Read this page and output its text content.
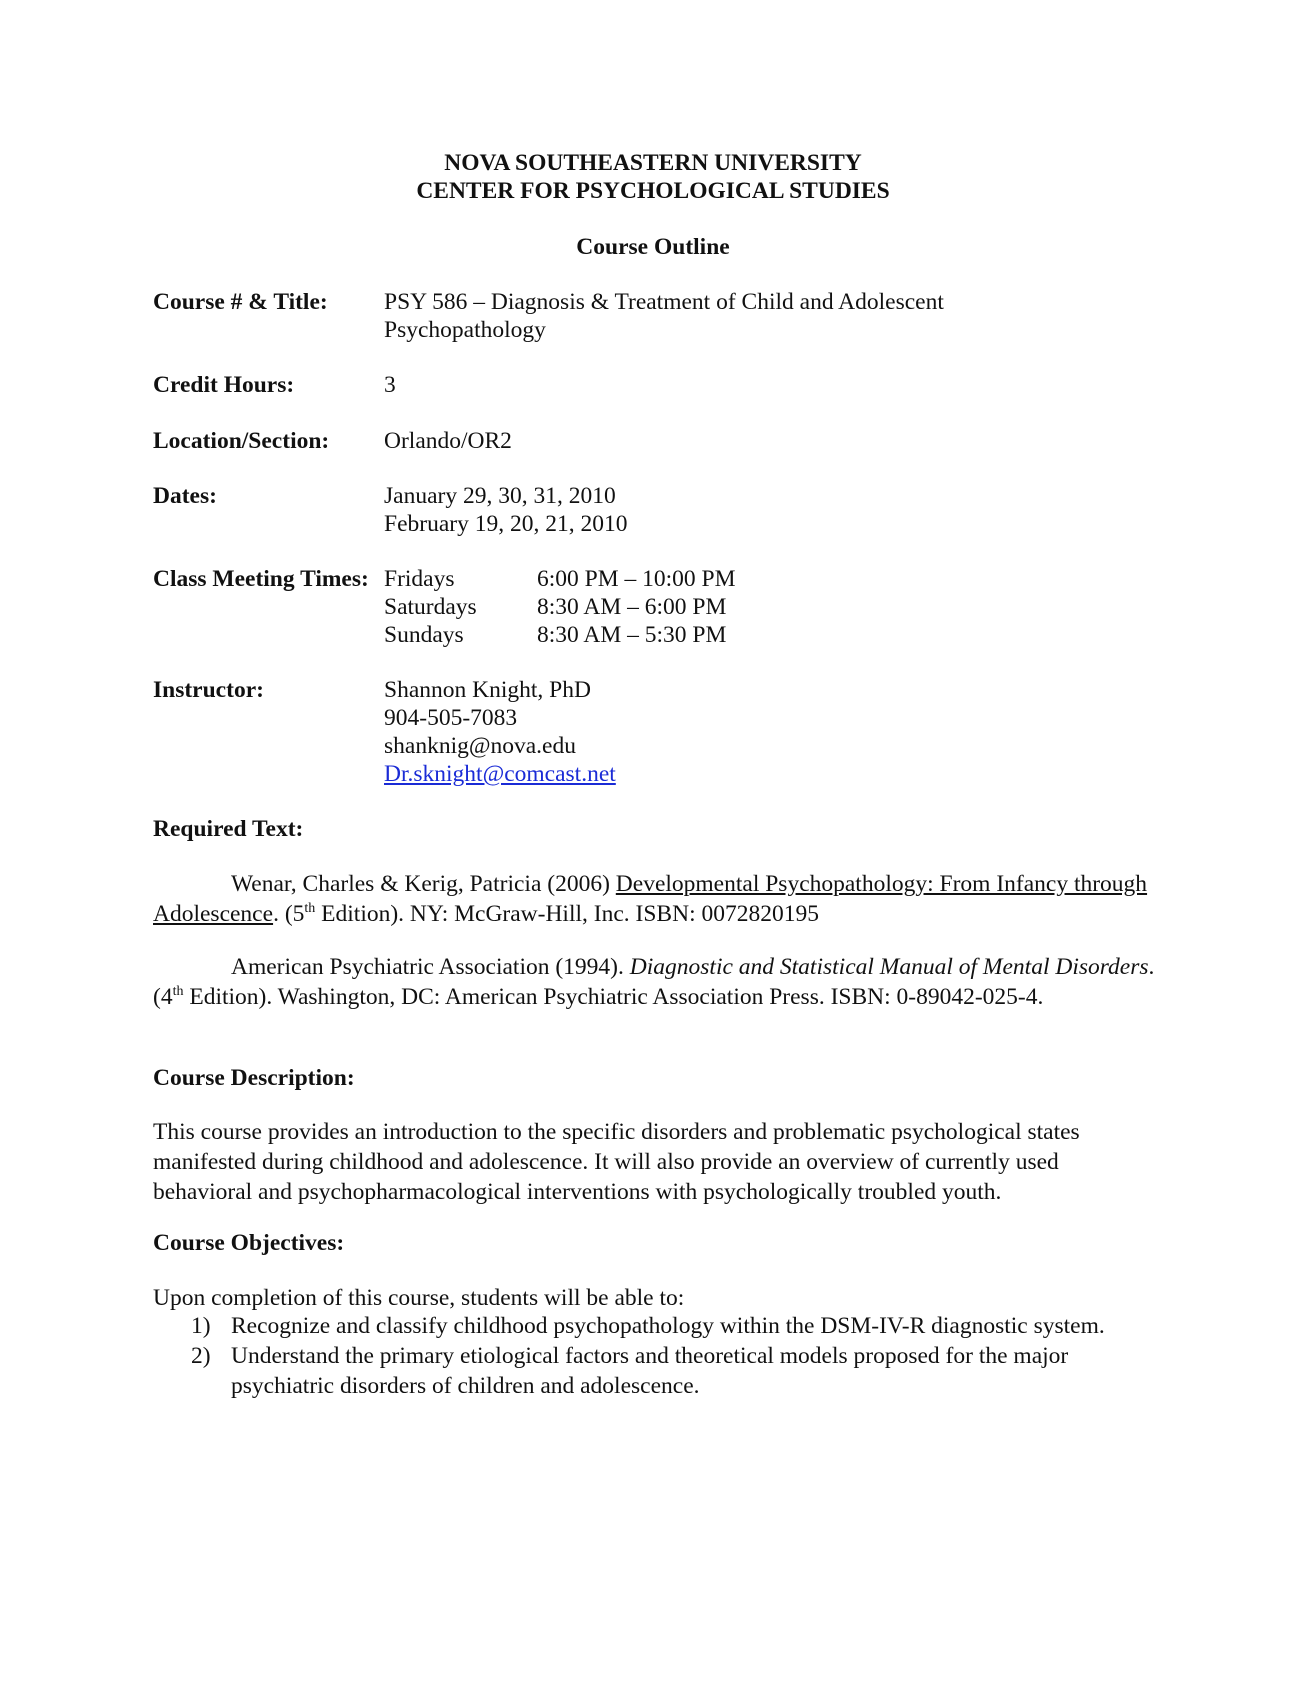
NOVA SOUTHEASTERN UNIVERSITY
CENTER FOR PSYCHOLOGICAL STUDIES
Course Outline
Course # & Title: PSY 586 – Diagnosis & Treatment of Child and Adolescent
Psychopathology
Credit Hours:	3
Location/Section: Orlando/OR2
Dates:	January 29, 30, 31, 2010
February 19, 20, 21, 2010
Class Meeting Times: Fridays	6:00 PM – 10:00 PM
Saturdays	8:30 AM – 6:00 PM
Sundays	8:30 AM – 5:30 PM
Instructor:	Shannon Knight, PhD
904-505-7083
shanknig@nova.edu
Dr.sknight@comcast.net
Required Text:
Wenar, Charles & Kerig, Patricia (2006) Developmental Psychopathology: From Infancy through Adolescence. (5th Edition). NY: McGraw-Hill, Inc. ISBN: 0072820195
American Psychiatric Association (1994). Diagnostic and Statistical Manual of Mental Disorders. (4th Edition). Washington, DC: American Psychiatric Association Press. ISBN: 0-89042-025-4.
Course Description:
This course provides an introduction to the specific disorders and problematic psychological states manifested during childhood and adolescence. It will also provide an overview of currently used behavioral and psychopharmacological interventions with psychologically troubled youth.
Course Objectives:
Upon completion of this course, students will be able to:
1) Recognize and classify childhood psychopathology within the DSM-IV-R diagnostic system.
2) Understand the primary etiological factors and theoretical models proposed for the major psychiatric disorders of children and adolescence.
